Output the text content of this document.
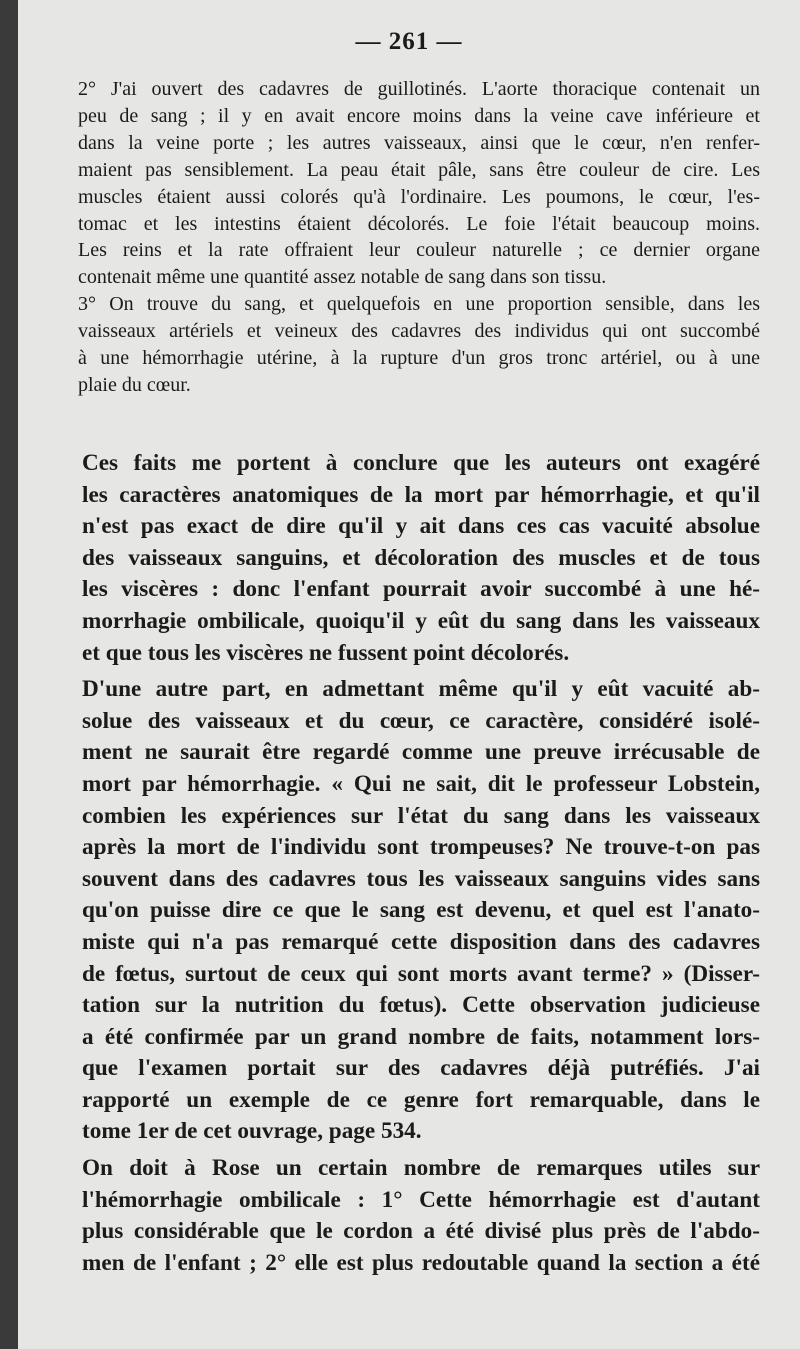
— 261 —
2° J'ai ouvert des cadavres de guillotinés. L'aorte thoracique contenait un
peu de sang ; il y en avait encore moins dans la veine cave inférieure et
dans la veine porte ; les autres vaisseaux, ainsi que le cœur, n'en renfer-
maient pas sensiblement. La peau était pâle, sans être couleur de cire. Les
muscles étaient aussi colorés qu'à l'ordinaire. Les poumons, le cœur, l'es-
tomac et les intestins étaient décolorés. Le foie l'était beaucoup moins.
Les reins et la rate offraient leur couleur naturelle ; ce dernier organe
contenait même une quantité assez notable de sang dans son tissu.
3° On trouve du sang, et quelquefois en une proportion sensible, dans les
vaisseaux artériels et veineux des cadavres des individus qui ont succombé
à une hémorrhagie utérine, à la rupture d'un gros tronc artériel, ou à une
plaie du cœur.
Ces faits me portent à conclure que les auteurs ont exagéré
les caractères anatomiques de la mort par hémorrhagie, et qu'il
n'est pas exact de dire qu'il y ait dans ces cas vacuité absolue
des vaisseaux sanguins, et décoloration des muscles et de tous
les viscères : donc l'enfant pourrait avoir succombé à une hé-
morrhagie ombilicale, quoiqu'il y eût du sang dans les vaisseaux
et que tous les viscères ne fussent point décolorés.
D'une autre part, en admettant même qu'il y eût vacuité ab-
solue des vaisseaux et du cœur, ce caractère, considéré isolé-
ment ne saurait être regardé comme une preuve irrécusable de
mort par hémorrhagie. « Qui ne sait, dit le professeur Lobstein,
combien les expériences sur l'état du sang dans les vaisseaux
après la mort de l'individu sont trompeuses? Ne trouve-t-on pas
souvent dans des cadavres tous les vaisseaux sanguins vides sans
qu'on puisse dire ce que le sang est devenu, et quel est l'anato-
miste qui n'a pas remarqué cette disposition dans des cadavres
de fœtus, surtout de ceux qui sont morts avant terme? » (Disser-
tation sur la nutrition du fœtus). Cette observation judicieuse
a été confirmée par un grand nombre de faits, notamment lors-
que l'examen portait sur des cadavres déjà putréfiés. J'ai
rapporté un exemple de ce genre fort remarquable, dans le
tome 1er de cet ouvrage, page 534.
On doit à Rose un certain nombre de remarques utiles sur
l'hémorrhagie ombilicale : 1° Cette hémorrhagie est d'autant
plus considérable que le cordon a été divisé plus près de l'abdo-
men de l'enfant ; 2° elle est plus redoutable quand la section a été
